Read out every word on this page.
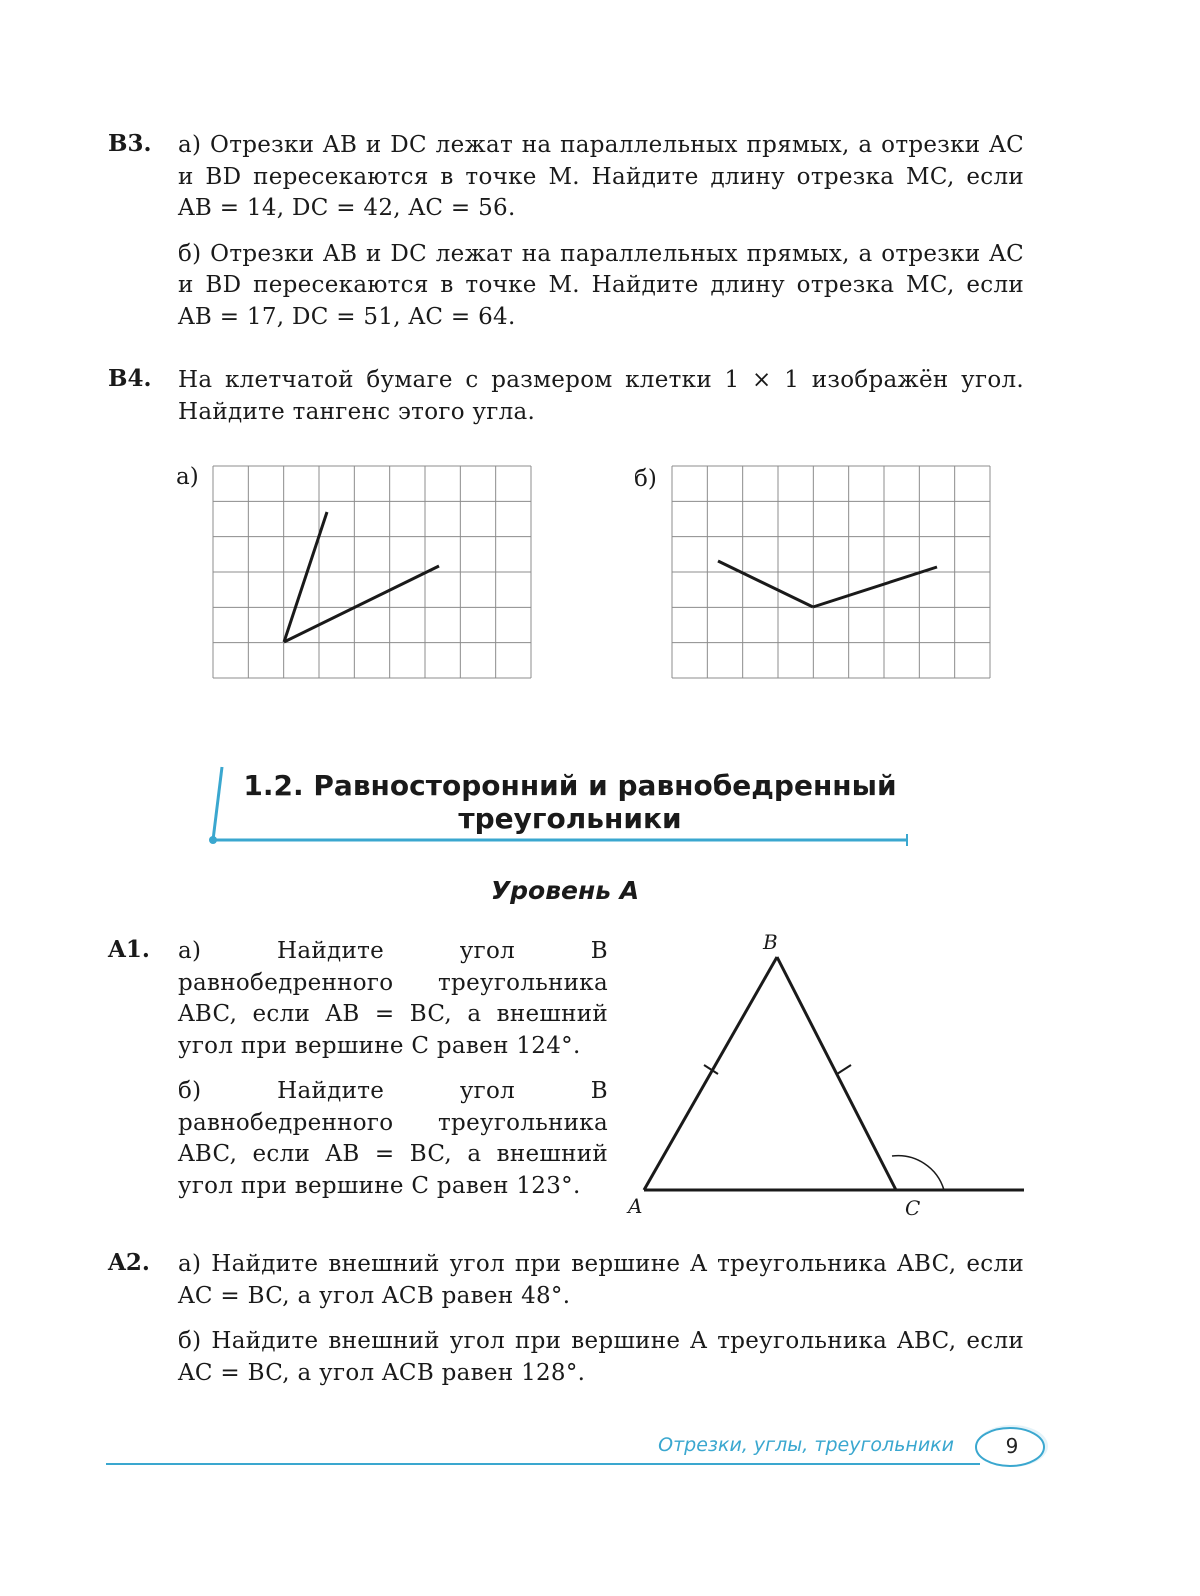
B3. а) Отрезки AB и DC лежат на параллельных прямых, а отрезки AC и BD пересекаются в точке M. Найдите длину отрезка MC, если AB = 14, DC = 42, AC = 56.

б) Отрезки AB и DC лежат на параллельных прямых, а отрезки AC и BD пересекаются в точке M. Найдите длину отрезка MC, если AB = 17, DC = 51, AC = 64.

B4. На клетчатой бумаге с размером клетки 1 × 1 изображён угол. Найдите тангенс этого угла.

а)	б)
1.2. Равносторонний и равнобедренный
треугольники
Уровень А
A1. а) Найдите угол B равнобедренного треугольника ABC, если AB = BC, а внешний угол при вершине C равен 124°.

б) Найдите угол B равнобедренного треугольника ABC, если AB = BC, а внешний угол при вершине C равен 123°.

B
A	C
A2. а) Найдите внешний угол при вершине A треугольника ABC, если AC = BC, а угол ACB равен 48°.

б) Найдите внешний угол при вершине A треугольника ABC, если AC = BC, а угол ACB равен 128°.

Отрезки, углы, треугольники	9
